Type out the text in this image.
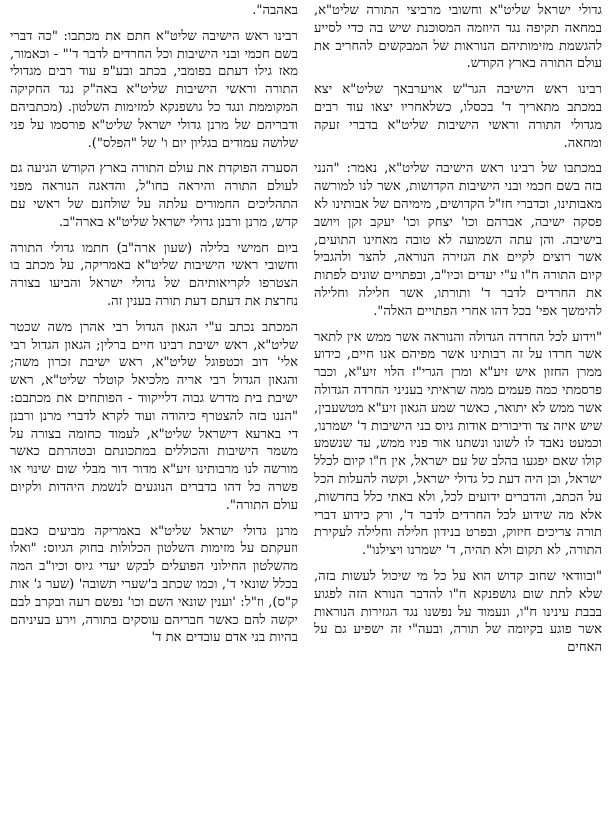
גדולי ישראל שליט"א וחשובי מרביצי התורה שליט"א, במחאה תקיפה נגד היוזמה המסוכנת שיש בה כדי לסייע להגשמת מזימותיהם הנוראות של המבקשים להחריב את עולם התורה בארץ הקודש.

רבינו ראש הישיבה הגר"ש אויערבאך שליט"א יצא במכתב מתאריך ד' בכסלו, כשלאחריו יצאו עוד רבים מגדולי התורה וראשי הישיבות שליט"א בדברי זעקה ומחאה.

במכתבו של רבינו ראש הישיבה שליט"א, נאמר: "הנני בזה בשם חכמי ובני הישיבות הקדושות, אשר לנו למורשה מאבותינו, וכדברי חז"ל הקדושים, מימיהם של אבותינו לא פסקה ישיבה, אברהם וכו' יצחק וכו' יעקב זקן ויושב בישיבה. והן עתה השמועה לא טובה מאחינו התועים, אשר רוצים לקיים את הגזירה הנוראה, להצר ולהגביל קיום התורה ח"ו ע"י יעדים וכיו"ב, ובפתויים שונים לפתות את החרדים לדבר ד' ותורתו, אשר חלילה וחלילה להימשך אפי' בכל דהו אחרי הפתויים האלה".

"וידוע לכל החרדה הגדולה והנוראה אשר ממש אין לתאר אשר חרדו על זה רבותינו אשר מפיהם אנו חיים, כידוע ממרן החזון איש זיע"א ומרן הגרי"ז הלוי זיע"א, וכבר פרסמתי כמה פעמים ממה שראיתי בעניני החרדה הגדולה אשר ממש לא יתואר, כאשר שמע הגאון זיע"א מטשעבין, שיש איזה צד ודיבורים אודות גיוס בני הישיבות ד' ישמרנו, וכמעט נאבד לו לשונו ונשתנו אור פניו ממש, עד שנשמע קולו שאם יפגעו בהלב של עם ישראל, אין ח"ו קיום לכלל ישראל, וכן היה דעת כל גדולי ישראל, וקשה להעלות הכל על הכתב, והדברים ידועים לכל, ולא באתי כלל בחדשות, אלא מה שידוע לכל החרדים לדבר ד', ורק כידוע דברי תורה צריכים חיזוק, ובפרט בנידון חלילה וחלילה לעקירת התורה, לא תקום ולא תהיה, ד' ישמרנו ויצילנו".

"ובוודאי שחוב קדוש הוא על כל מי שיכול לעשות בזה, שלא לתת שום גושפנקא ח"ו להדבר הנורא הזה לפגוע בבבת עינינו ח"ו, ונעמוד על נפשנו נגד הגזירות הנוראות אשר פוגע בקיומה של תורה, ובעה"י זה ישפיע גם על האחים

באהבה".

רבינו ראש הישיבה שליט"א חתם את מכתבו: "כה דברי בשם חכמי ובני הישיבות וכל החרדים לדבר ד'" - וכאמור, מאז גילו דעתם בפומבי, בכתב ובע"פ עוד רבים מגדולי התורה וראשי הישיבות שליט"א באה"ק נגד החקיקה המקוממת ונגד כל גושפנקא למזימות השלטון. (מכתביהם ודבריהם של מרנן גדולי ישראל שליט"א פורסמו על פני שלושה עמודים בגליון יום ו' של "הפלס").

הסערה הפוקדת את עולם התורה בארץ הקודש הגיעה גם לעולם התורה והיראה בחו"ל, והדאגה הנוראה מפני התהליכים החמורים עלתה על שולחנם של ראשי עם קדש, מרנן ורבנן גדולי ישראל שליט"א בארה"ב.

ביום חמישי בלילה (שעון ארה"ב) חתמו גדולי התורה וחשובי ראשי הישיבות שליט"א באמריקה, על מכתב בו הצטרפו לקריאותיהם של גדולי ישראל והביעו בצורה נחרצת את דעתם דעת תורה בענין זה.

המכתב נכתב ע"י הגאון הגדול רבי אהרן משה שכטר שליט"א, ראש ישיבת רבינו חיים ברלין; הגאון הגדול רבי אלי' דוב וכטפוגל שליט"א, ראש ישיבת זכרון משה; והגאון הגדול רבי אריה מלכיאל קוטלר שליט"א, ראש ישיבת בית מדרש גבוה דלייקווד - הפותחים את מכתבם: "הננו בזה להצטרף כיהודה ועוד לקרא לדברי מרנן ורבנן די בארעא דישראל שליט"א, לעמוד כחומה בצורה על משמר הישיבות והכוללים במתכונתם ובטהרתם כאשר מורשה לנו מרבותינו זיע"א מדור דור מבלי שום שינוי או פשרה כל דהו בדברים הנוגעים לנשמת היהדות ולקיום עולם התורה".

מרנן גדולי ישראל שליט"א באמריקה מביעים כאבם וזעקתם על מזימות השלטון הכלולות בחוק הגיוס: "ואלו מהשלטון החילוני הפועלים לבקש יעדי גיוס וכיו"ב המה בכלל שונאי ד', וכמו שכתב ב'שערי תשובה' (שער ג' אות ק"ס), וז"ל: 'וענין שונאי השם וכו' נפשם רעה ובקרב לבם יקשה להם כאשר חבריהם עוסקים בתורה, וירע בעיניהם בהיות בני אדם עובדים את ד'
